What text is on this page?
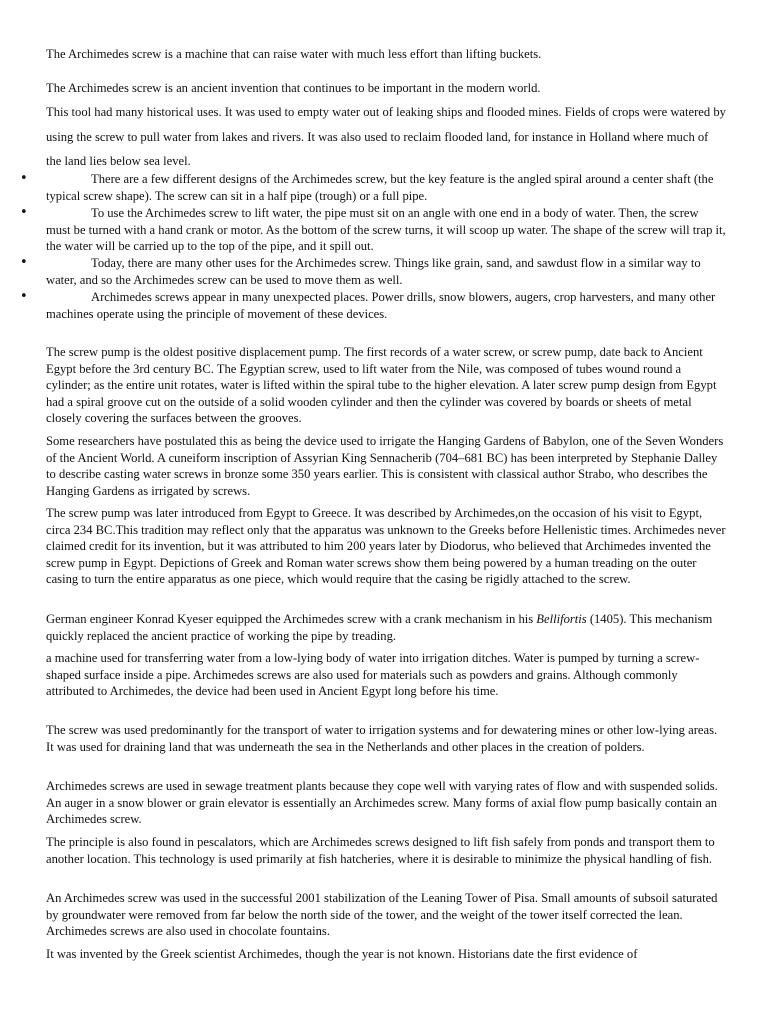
The Archimedes screw is a machine that can raise water with much less effort than lifting buckets.

The Archimedes screw is an ancient invention that continues to be important in the modern world.

This tool had many historical uses. It was used to empty water out of leaking ships and flooded mines. Fields of crops were watered by using the screw to pull water from lakes and rivers. It was also used to reclaim flooded land, for instance in Holland where much of the land lies below sea level.

•	There are a few different designs of the Archimedes screw, but the key feature is the angled spiral around a center shaft (the typical screw shape). The screw can sit in a half pipe (trough) or a full pipe.

•	To use the Archimedes screw to lift water, the pipe must sit on an angle with one end in a body of water. Then, the screw must be turned with a hand crank or motor. As the bottom of the screw turns, it will scoop up water. The shape of the screw will trap it, the water will be carried up to the top of the pipe, and it spill out.

•	Today, there are many other uses for the Archimedes screw. Things like grain, sand, and sawdust flow in a similar way to water, and so the Archimedes screw can be used to move them as well.

•	Archimedes screws appear in many unexpected places. Power drills, snow blowers, augers, crop harvesters, and many other machines operate using the principle of movement of these devices.

The screw pump is the oldest positive displacement pump. The first records of a water screw, or screw pump, date back to Ancient Egypt before the 3rd century BC. The Egyptian screw, used to lift water from the Nile, was composed of tubes wound round a cylinder; as the entire unit rotates, water is lifted within the spiral tube to the higher elevation. A later screw pump design from Egypt had a spiral groove cut on the outside of a solid wooden cylinder and then the cylinder was covered by boards or sheets of metal closely covering the surfaces between the grooves.

Some researchers have postulated this as being the device used to irrigate the Hanging Gardens of Babylon, one of the Seven Wonders of the Ancient World. A cuneiform inscription of Assyrian King Sennacherib (704–681 BC) has been interpreted by Stephanie Dalley to describe casting water screws in bronze some 350 years earlier. This is consistent with classical author Strabo, who describes the Hanging Gardens as irrigated by screws.

The screw pump was later introduced from Egypt to Greece. It was described by Archimedes,on the occasion of his visit to Egypt, circa 234 BC.This tradition may reflect only that the apparatus was unknown to the Greeks before Hellenistic times. Archimedes never claimed credit for its invention, but it was attributed to him 200 years later by Diodorus, who believed that Archimedes invented the screw pump in Egypt. Depictions of Greek and Roman water screws show them being powered by a human treading on the outer casing to turn the entire apparatus as one piece, which would require that the casing be rigidly attached to the screw.

German engineer Konrad Kyeser equipped the Archimedes screw with a crank mechanism in his Bellifortis (1405). This mechanism quickly replaced the ancient practice of working the pipe by treading.

a machine used for transferring water from a low-lying body of water into irrigation ditches. Water is pumped by turning a screw-shaped surface inside a pipe. Archimedes screws are also used for materials such as powders and grains. Although commonly attributed to Archimedes, the device had been used in Ancient Egypt long before his time.

The screw was used predominantly for the transport of water to irrigation systems and for dewatering mines or other low-lying areas. It was used for draining land that was underneath the sea in the Netherlands and other places in the creation of polders.

Archimedes screws are used in sewage treatment plants because they cope well with varying rates of flow and with suspended solids. An auger in a snow blower or grain elevator is essentially an Archimedes screw. Many forms of axial flow pump basically contain an Archimedes screw.

The principle is also found in pescalators, which are Archimedes screws designed to lift fish safely from ponds and transport them to another location. This technology is used primarily at fish hatcheries, where it is desirable to minimize the physical handling of fish.

An Archimedes screw was used in the successful 2001 stabilization of the Leaning Tower of Pisa. Small amounts of subsoil saturated by groundwater were removed from far below the north side of the tower, and the weight of the tower itself corrected the lean. Archimedes screws are also used in chocolate fountains.

It was invented by the Greek scientist Archimedes, though the year is not known. Historians date the first evidence of
